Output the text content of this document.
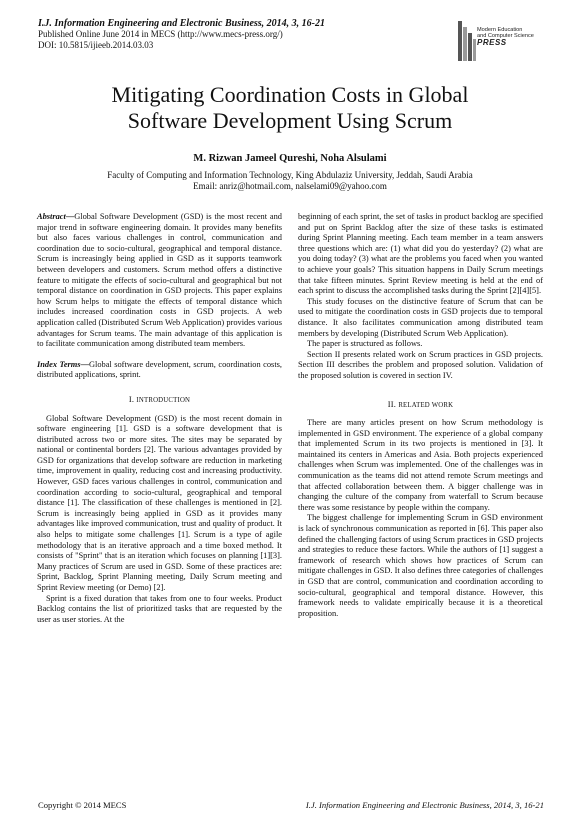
I.J. Information Engineering and Electronic Business, 2014, 3, 16-21
Published Online June 2014 in MECS (http://www.mecs-press.org/)
DOI: 10.5815/ijieeb.2014.03.03
Modern Education
and Computer Science
PRESS
Mitigating Coordination Costs in Global
Software Development Using Scrum
M. Rizwan Jameel Qureshi, Noha Alsulami
Faculty of Computing and Information Technology, King Abdulaziz University, Jeddah, Saudi Arabia
Email: anriz@hotmail.com, nalselami09@yahoo.com

Abstract—Global Software Development (GSD) is the most recent and major trend in software engineering domain. It provides many benefits but also faces various challenges in control, communication and coordination due to socio-cultural, geographical and temporal distance. Scrum is increasingly being applied in GSD as it supports teamwork between developers and customers. Scrum method offers a distinctive feature to mitigate the effects of socio-cultural and geographical but not temporal distance on coordination in GSD projects. This paper explains how Scrum helps to mitigate the effects of temporal distance which includes increased coordination costs in GSD projects. A web application called (Distributed Scrum Web Application) provides various advantages for Scrum teams. The main advantage of this application is to facilitate communication among distributed team members.

Index Terms—Global software development, scrum, coordination costs, distributed applications, sprint.

I. INTRODUCTION

Global Software Development (GSD) is the most recent domain in software engineering [1]. GSD is a software development that is distributed across two or more sites. The sites may be separated by national or continental borders [2]. The various advantages provided by GSD for organizations that develop software are reduction in marketing time, improvement in quality, reducing cost and increasing productivity. However, GSD faces various challenges in control, communication and coordination according to socio-cultural, geographical and temporal distance [1]. The classification of these challenges is mentioned in [2]. Scrum is increasingly being applied in GSD as it provides many advantages like improved communication, trust and quality of product. It also helps to mitigate some challenges [1]. Scrum is a type of agile methodology that is an iterative approach and a time boxed method. It consists of "Sprint" that is an iteration which focuses on planning [1][3]. Many practices of Scrum are used in GSD. Some of these practices are: Sprint, Backlog, Sprint Planning meeting, Daily Scrum meeting and Sprint Review meeting (or Demo) [2].

Sprint is a fixed duration that takes from one to four weeks. Product Backlog contains the list of prioritized tasks that are requested by the user as user stories. At the

beginning of each sprint, the set of tasks in product backlog are specified and put on Sprint Backlog after the size of these tasks is estimated during Sprint Planning meeting. Each team member in a team answers three questions which are: (1) what did you do yesterday? (2) what are you doing today? (3) what are the problems you faced when you wanted to achieve your goals? This situation happens in Daily Scrum meetings that take fifteen minutes. Sprint Review meeting is held at the end of each sprint to discuss the accomplished tasks during the Sprint [2][4][5].

This study focuses on the distinctive feature of Scrum that can be used to mitigate the coordination costs in GSD projects due to temporal distance. It also facilitates communication among distributed team members by developing (Distributed Scrum Web Application).

The paper is structured as follows.

Section II presents related work on Scrum practices in GSD projects. Section III describes the problem and proposed solution. Validation of the proposed solution is covered in section IV.

II. RELATED WORK

There are many articles present on how Scrum methodology is implemented in GSD environment. The experience of a global company that implemented Scrum in its two projects is mentioned in [3]. It maintained its centers in Americas and Asia. Both projects experienced challenges when Scrum was implemented. One of the challenges was in communication as the teams did not attend remote Scrum meetings and that affected collaboration between them. A bigger challenge was in changing the culture of the company from waterfall to Scrum because there was some resistance by people within the company.

The biggest challenge for implementing Scrum in GSD environment is lack of synchronous communication as reported in [6]. This paper also defined the challenging factors of using Scrum practices in GSD projects and strategies to reduce these factors. While the authors of [1] suggest a framework of research which shows how practices of Scrum can mitigate challenges in GSD. It also defines three categories of challenges in GSD that are control, communication and coordination according to socio-cultural, geographical and temporal distance. However, this framework needs to validate empirically because it is a theoretical proposition.

Copyright © 2014 MECS	I.J. Information Engineering and Electronic Business, 2014, 3, 16-21
